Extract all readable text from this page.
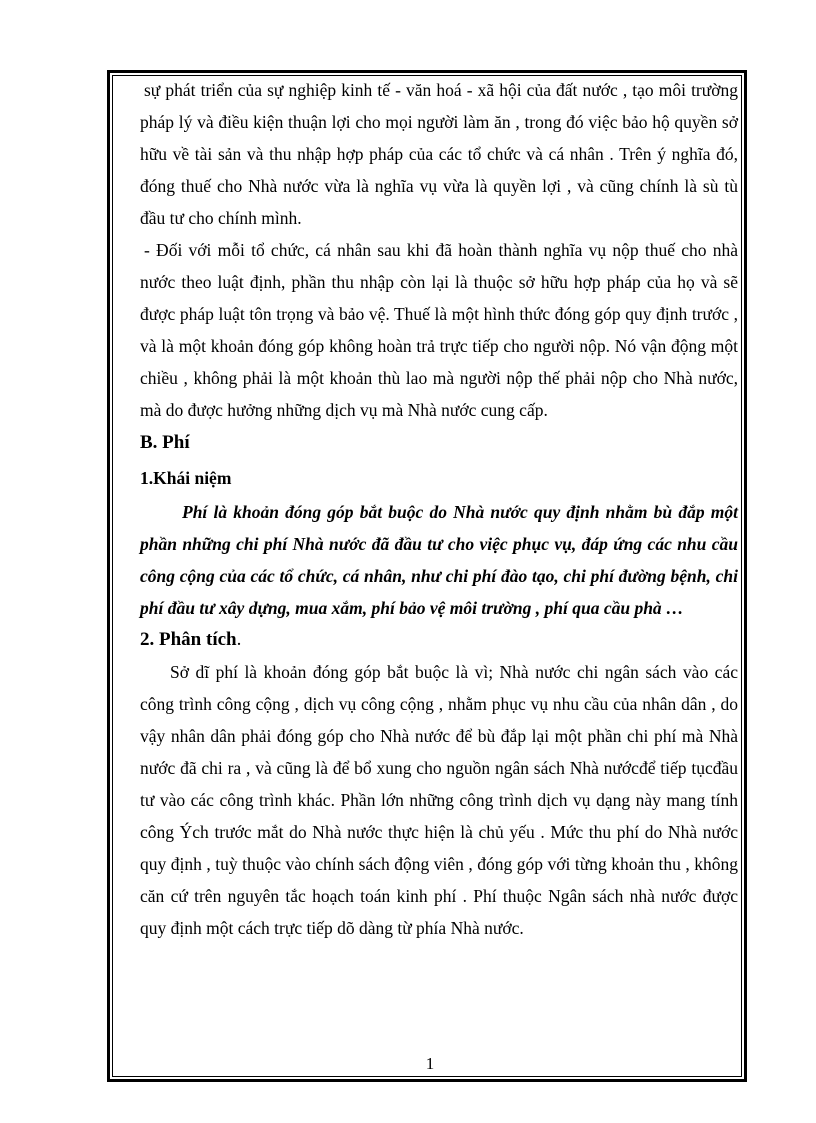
sự phát triển của sự nghiệp kinh tế - văn hoá - xã hội của đất nước , tạo môi trường pháp lý và điều kiện thuận lợi cho mọi người làm ăn , trong đó việc bảo hộ quyền sở hữu về tài sản và thu nhập hợp pháp của các tổ chức và cá nhân . Trên ý nghĩa đó, đóng thuế cho Nhà nước vừa là nghĩa vụ vừa là quyền lợi , và cũng chính là sù tù đầu tư cho chính mình.

- Đối với mỗi tổ chức, cá nhân sau khi đã hoàn thành nghĩa vụ nộp thuế cho nhà nước theo luật định, phần thu nhập còn lại là thuộc sở hữu hợp pháp của họ và sẽ được pháp luật tôn trọng và bảo vệ. Thuế là một hình thức đóng góp quy định trước , và là một khoản đóng góp không hoàn trả trực tiếp cho người nộp. Nó vận động một chiều , không phải là một khoản thù lao mà người nộp thế phải nộp cho Nhà nước, mà do được hưởng những dịch vụ mà Nhà nước cung cấp.

B. Phí

1.Khái niệm

Phí là khoản đóng góp bắt buộc do Nhà nước quy định nhằm bù đắp một phần những chi phí Nhà nước đã đầu tư cho việc phục vụ, đáp ứng các nhu cầu công cộng của các tổ chức, cá nhân, như chi phí đào tạo, chi phí đường bệnh, chi phí đầu tư xây dựng, mua xắm, phí bảo vệ môi trường , phí qua cầu phà …

2. Phân tích.

Sở dĩ phí là khoản đóng góp bắt buộc là vì; Nhà nước chi ngân sách vào các công trình công cộng , dịch vụ công cộng , nhằm phục vụ nhu cầu của nhân dân , do vậy nhân dân phải đóng góp cho Nhà nước để bù đắp lại một phần chi phí mà Nhà nước đã chi ra , và cũng là để bổ xung cho nguồn ngân sách Nhà nướcđể tiếp tụcđầu tư vào các công trình khác. Phần lớn những công trình dịch vụ dạng này mang tính công Ých trước mắt do Nhà nước thực hiện là chủ yếu . Mức thu phí do Nhà nước quy định , tuỳ thuộc vào chính sách động viên , đóng góp với từng khoản thu , không căn cứ trên nguyên tắc hoạch toán kinh phí . Phí thuộc Ngân sách nhà nước được quy định một cách trực tiếp dõ dàng từ phía Nhà nước.

1
